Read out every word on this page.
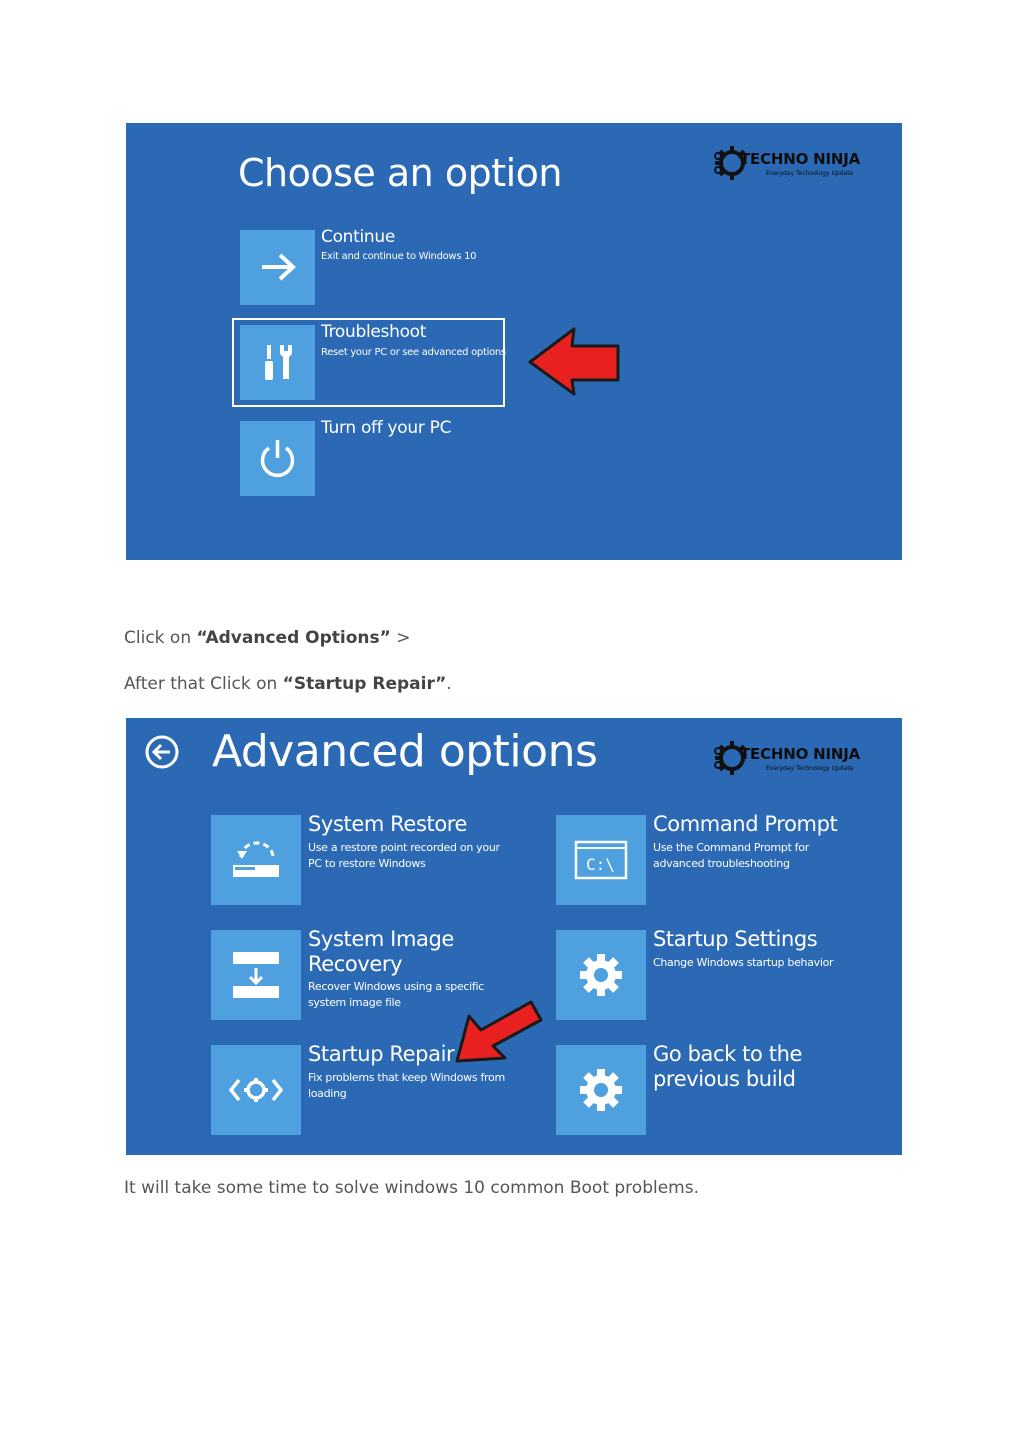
Choose an option	TECHNO NINJA
Everyday Technology Update
Continue
Exit and continue to Windows 10
Troubleshoot
Reset your PC or see advanced options
Turn off your PC
Click on “Advanced Options” >
After that Click on “Startup Repair”.
Advanced options	TECHNO NINJA
Everyday Technology Update
System Restore
Use a restore point recorded on your
PC to restore Windows	C:\
Command Prompt
Use the Command Prompt for
advanced troubleshooting
System Image
Recovery
Recover Windows using a specific
system image file
Startup Settings
Change Windows startup behavior
Startup Repair
Fix problems that keep Windows from
loading
Go back to the
previous build
It will take some time to solve windows 10 common Boot problems.
